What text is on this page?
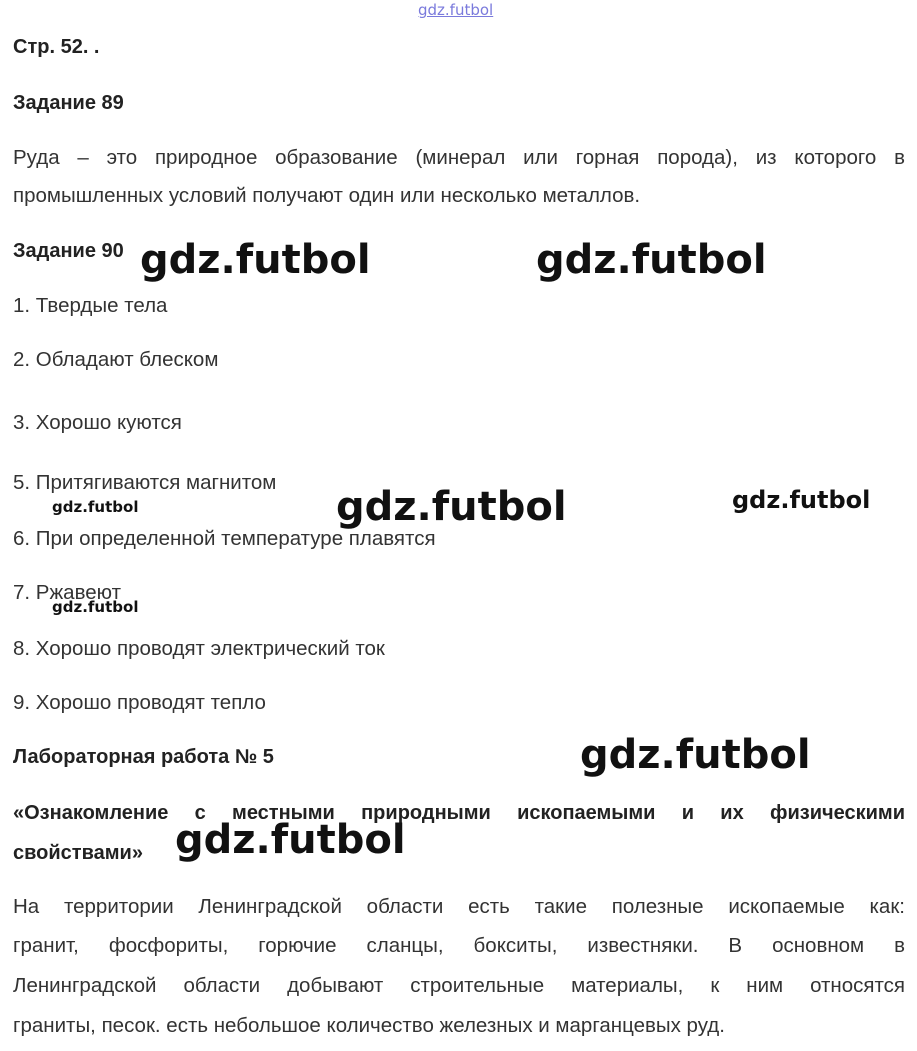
Стр. 52. .
Задание 89
Руда – это природное образование (минерал или горная порода), из которого в
промышленных условий получают один или несколько металлов.
Задание 90
1. Твердые тела
2. Обладают блеском
3. Хорошо куются
5. Притягиваются магнитом
6. При определенной температуре плавятся
7. Ржавеют
8. Хорошо проводят электрический ток
9. Хорошо проводят тепло
Лабораторная работа № 5
«Ознакомление с местными природными ископаемыми и их физическими
свойствами»
На территории Ленинградской области есть такие полезные ископаемые как:
гранит, фосфориты, горючие сланцы, бокситы, известняки. В основном в
Ленинградской области добывают строительные материалы, к ним относятся
граниты, песок. есть небольшое количество железных и марганцевых руд.
gdz.futbol
gdz.futbol	gdz.futbol
gdz.futbol	gdz.futbol
gdz.futbol
gdz.futbol
gdz.futbol
gdz.futbol
